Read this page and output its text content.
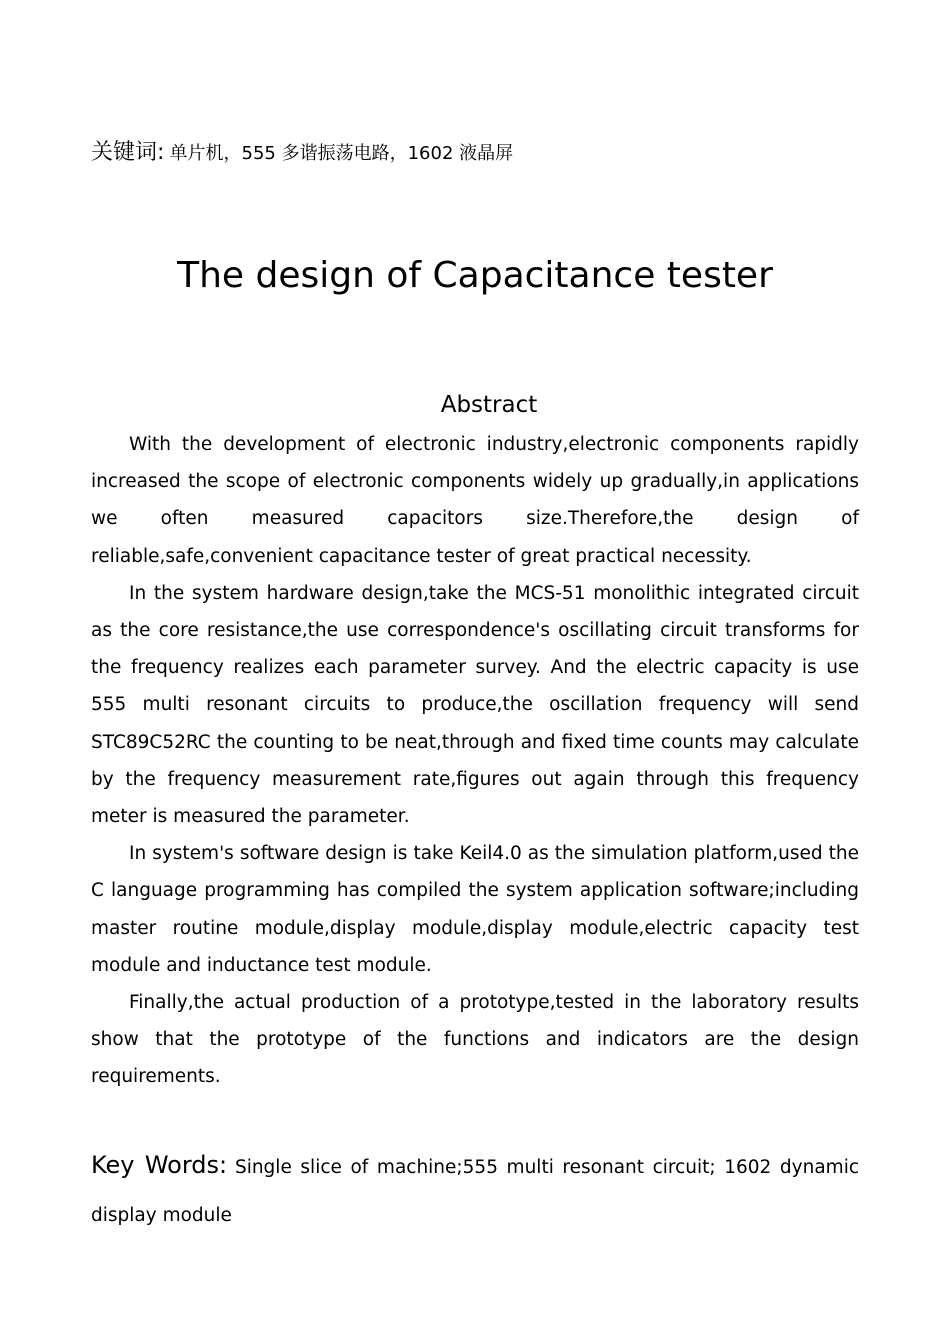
关键词: 单片机，555 多谐振荡电路，1602 液晶屏
The design of Capacitance tester
Abstract

With the development of electronic industry,electronic components rapidly increased the scope of electronic components widely up gradually,in applications we often measured capacitors size.Therefore,the design of reliable,safe,convenient capacitance tester of great practical necessity.

In the system hardware design,take the MCS-51 monolithic integrated circuit as the core resistance,the use correspondence's oscillating circuit transforms for the frequency realizes each parameter survey. And the electric capacity is use 555 multi resonant circuits to produce,the oscillation frequency will send STC89C52RC the counting to be neat,through and fixed time counts may calculate by the frequency measurement rate,figures out again through this frequency meter is measured the parameter.

In system's software design is take Keil4.0 as the simulation platform,used the C language programming has compiled the system application software;including master routine module,display module,display module,electric capacity test module and inductance test module.

Finally,the actual production of a prototype,tested in the laboratory results show that the prototype of the functions and indicators are the design requirements.

Key Words: Single slice of machine;555 multi resonant circuit; 1602 dynamic display module
